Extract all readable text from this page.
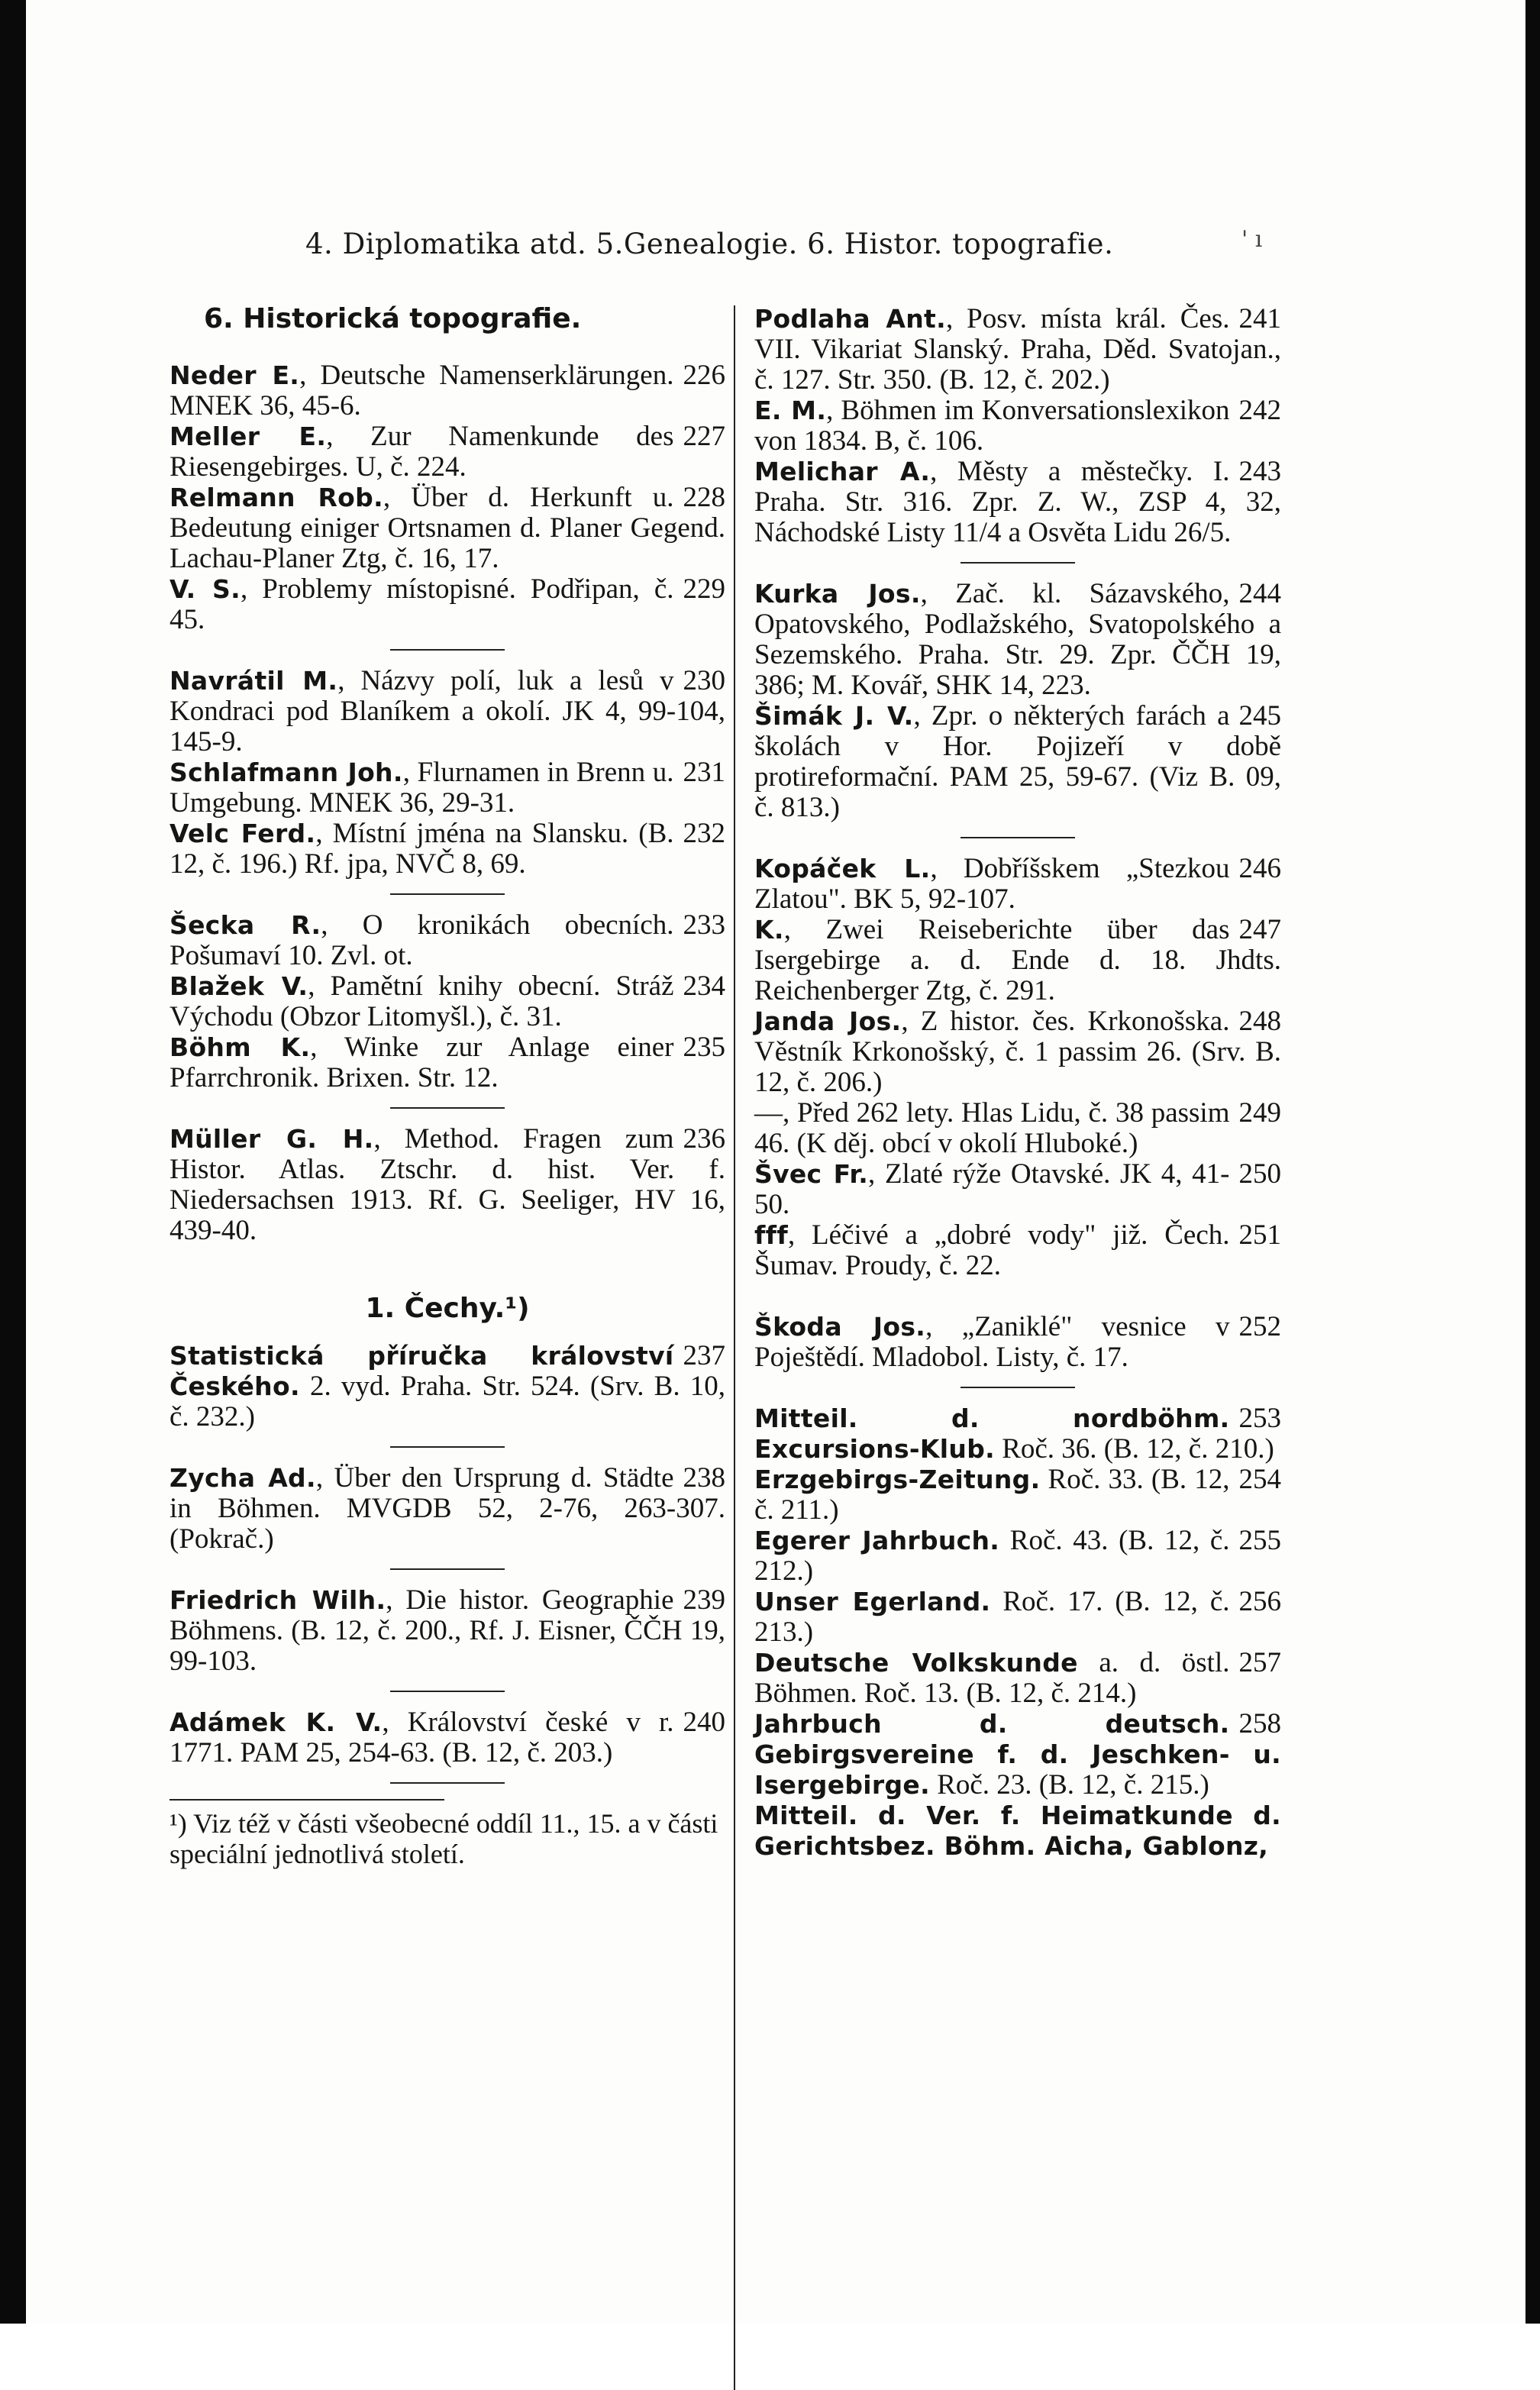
4. Diplomatika atd. 5.Genealogie. 6. Histor. topografie.	' ı
6. Historická topografie.
226
Neder E., Deutsche Namenserklärungen. MNEK 36, 45-6.
227
Meller E., Zur Namenkunde des Riesengebirges. U, č. 224.
228
Relmann Rob., Über d. Herkunft u. Bedeutung einiger Ortsnamen d. Planer Gegend. Lachau-Planer Ztg, č. 16, 17.
229
V. S., Problemy místopisné. Podřipan, č. 45.
230
Navrátil M., Názvy polí, luk a lesů v Kondraci pod Blaníkem a okolí. JK 4, 99-104, 145-9.
231
Schlafmann Joh., Flurnamen in Brenn u. Umgebung. MNEK 36, 29-31.
232
Velc Ferd., Místní jména na Slansku. (B. 12, č. 196.) Rf. jpa, NVČ 8, 69.
233
Šecka R., O kronikách obecních. Pošumaví 10. Zvl. ot.
234
Blažek V., Pamětní knihy obecní. Stráž Východu (Obzor Litomyšl.), č. 31.
235
Böhm K., Winke zur Anlage einer Pfarrchronik. Brixen. Str. 12.
236
Müller G. H., Method. Fragen zum Histor. Atlas. Ztschr. d. hist. Ver. f. Niedersachsen 1913. Rf. G. Seeliger, HV 16, 439-40.
1. Čechy.¹)
237
Statistická příručka království Českého. 2. vyd. Praha. Str. 524. (Srv. B. 10, č. 232.)
238
Zycha Ad., Über den Ursprung d. Städte in Böhmen. MVGDB 52, 2-76, 263-307. (Pokrač.)
239
Friedrich Wilh., Die histor. Geographie Böhmens. (B. 12, č. 200., Rf. J. Eisner, ČČH 19, 99-103.
240
Adámek K. V., Království české v r. 1771. PAM 25, 254-63. (B. 12, č. 203.)
¹) Viz též v části všeobecné oddíl 11., 15. a v části speciální jednotlivá století.
241
Podlaha Ant., Posv. místa král. Čes. VII. Vikariat Slanský. Praha, Děd. Svatojan., č. 127. Str. 350. (B. 12, č. 202.)
242
E. M., Böhmen im Konversationslexikon von 1834. B, č. 106.
243
Melichar A., Městy a městečky. I. Praha. Str. 316. Zpr. Z. W., ZSP 4, 32, Náchodské Listy 11/4 a Osvěta Lidu 26/5.
244
Kurka Jos., Zač. kl. Sázavského, Opatovského, Podlažského, Svatopolského a Sezemského. Praha. Str. 29. Zpr. ČČH 19, 386; M. Kovář, SHK 14, 223.
245
Šimák J. V., Zpr. o některých farách a školách v Hor. Pojizeří v době protireformační. PAM 25, 59-67. (Viz B. 09, č. 813.)
246
Kopáček L., Dobříšskem „Stezkou Zlatou". BK 5, 92-107.
247
K., Zwei Reiseberichte über das Isergebirge a. d. Ende d. 18. Jhdts. Reichenberger Ztg, č. 291.
248
Janda Jos., Z histor. čes. Krkonošska. Věstník Krkonošský, č. 1 passim 26. (Srv. B. 12, č. 206.)
249
—, Před 262 lety. Hlas Lidu, č. 38 passim 46. (K děj. obcí v okolí Hluboké.)
250
Švec Fr., Zlaté rýže Otavské. JK 4, 41-50.
251
fff, Léčivé a „dobré vody" již. Čech. Šumav. Proudy, č. 22.
252
Škoda Jos., „Zaniklé" vesnice v Poještědí. Mladobol. Listy, č. 17.
253
Mitteil. d. nordböhm. Excursions-Klub. Roč. 36. (B. 12, č. 210.)
254
Erzgebirgs-Zeitung. Roč. 33. (B. 12, č. 211.)
255
Egerer Jahrbuch. Roč. 43. (B. 12, č. 212.)
256
Unser Egerland. Roč. 17. (B. 12, č. 213.)
257
Deutsche Volkskunde a. d. östl. Böhmen. Roč. 13. (B. 12, č. 214.)
258
Jahrbuch d. deutsch. Gebirgsvereine f. d. Jeschken- u. Isergebirge. Roč. 23. (B. 12, č. 215.)
Mitteil. d. Ver. f. Heimatkunde d. Gerichtsbez. Böhm. Aicha, Gablonz,
